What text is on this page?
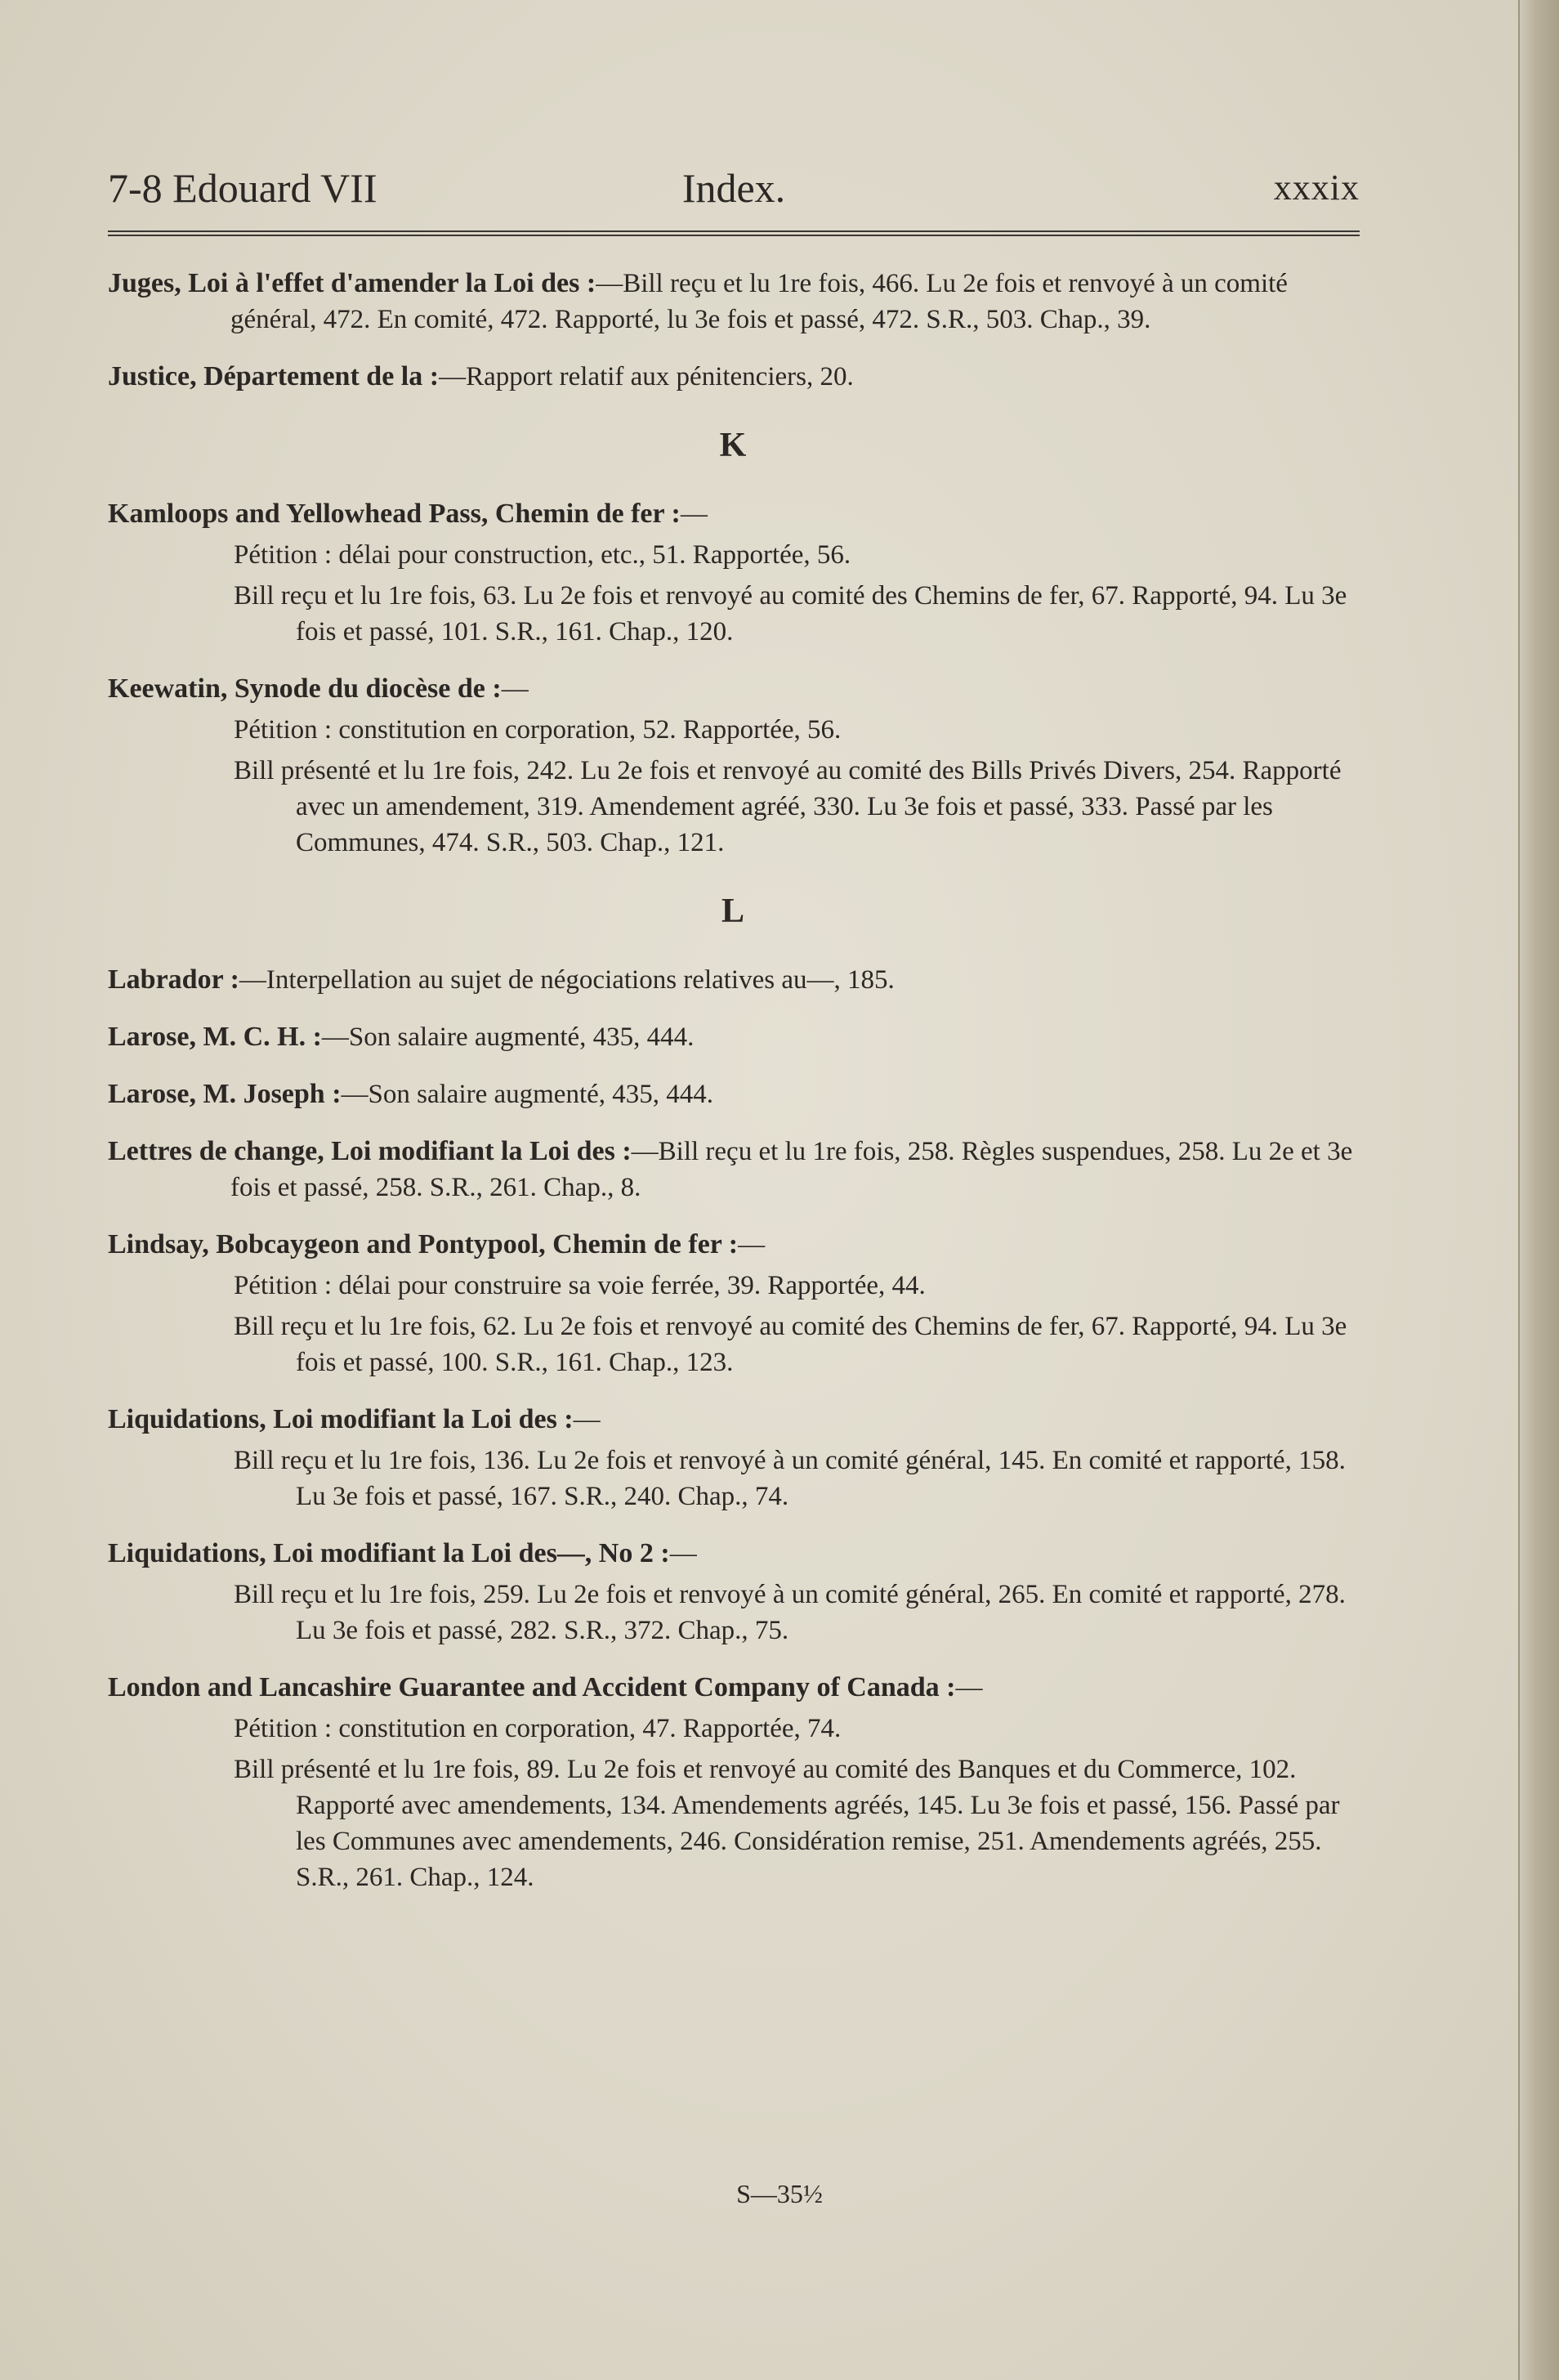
7-8 Edouard VII	Index.	xxxix
Juges, Loi à l'effet d'amender la Loi des :—Bill reçu et lu 1re fois, 466. Lu 2e fois et renvoyé à un comité général, 472. En comité, 472. Rapporté, lu 3e fois et passé, 472. S.R., 503. Chap., 39.
Justice, Département de la :—Rapport relatif aux pénitenciers, 20.
K
Kamloops and Yellowhead Pass, Chemin de fer :—
Pétition : délai pour construction, etc., 51. Rapportée, 56.
Bill reçu et lu 1re fois, 63. Lu 2e fois et renvoyé au comité des Chemins de fer, 67. Rapporté, 94. Lu 3e fois et passé, 101. S.R., 161. Chap., 120.
Keewatin, Synode du diocèse de :—
Pétition : constitution en corporation, 52. Rapportée, 56.
Bill présenté et lu 1re fois, 242. Lu 2e fois et renvoyé au comité des Bills Privés Divers, 254. Rapporté avec un amendement, 319. Amendement agréé, 330. Lu 3e fois et passé, 333. Passé par les Communes, 474. S.R., 503. Chap., 121.
L
Labrador :—Interpellation au sujet de négociations relatives au—, 185.
Larose, M. C. H. :—Son salaire augmenté, 435, 444.
Larose, M. Joseph :—Son salaire augmenté, 435, 444.
Lettres de change, Loi modifiant la Loi des :—Bill reçu et lu 1re fois, 258. Règles suspendues, 258. Lu 2e et 3e fois et passé, 258. S.R., 261. Chap., 8.
Lindsay, Bobcaygeon and Pontypool, Chemin de fer :—
Pétition : délai pour construire sa voie ferrée, 39. Rapportée, 44.
Bill reçu et lu 1re fois, 62. Lu 2e fois et renvoyé au comité des Chemins de fer, 67. Rapporté, 94. Lu 3e fois et passé, 100. S.R., 161. Chap., 123.
Liquidations, Loi modifiant la Loi des :—
Bill reçu et lu 1re fois, 136. Lu 2e fois et renvoyé à un comité général, 145. En comité et rapporté, 158. Lu 3e fois et passé, 167. S.R., 240. Chap., 74.
Liquidations, Loi modifiant la Loi des—, No 2 :—
Bill reçu et lu 1re fois, 259. Lu 2e fois et renvoyé à un comité général, 265. En comité et rapporté, 278. Lu 3e fois et passé, 282. S.R., 372. Chap., 75.
London and Lancashire Guarantee and Accident Company of Canada :—
Pétition : constitution en corporation, 47. Rapportée, 74.
Bill présenté et lu 1re fois, 89. Lu 2e fois et renvoyé au comité des Banques et du Commerce, 102. Rapporté avec amendements, 134. Amendements agréés, 145. Lu 3e fois et passé, 156. Passé par les Communes avec amendements, 246. Considération remise, 251. Amendements agréés, 255. S.R., 261. Chap., 124.
S—35½
